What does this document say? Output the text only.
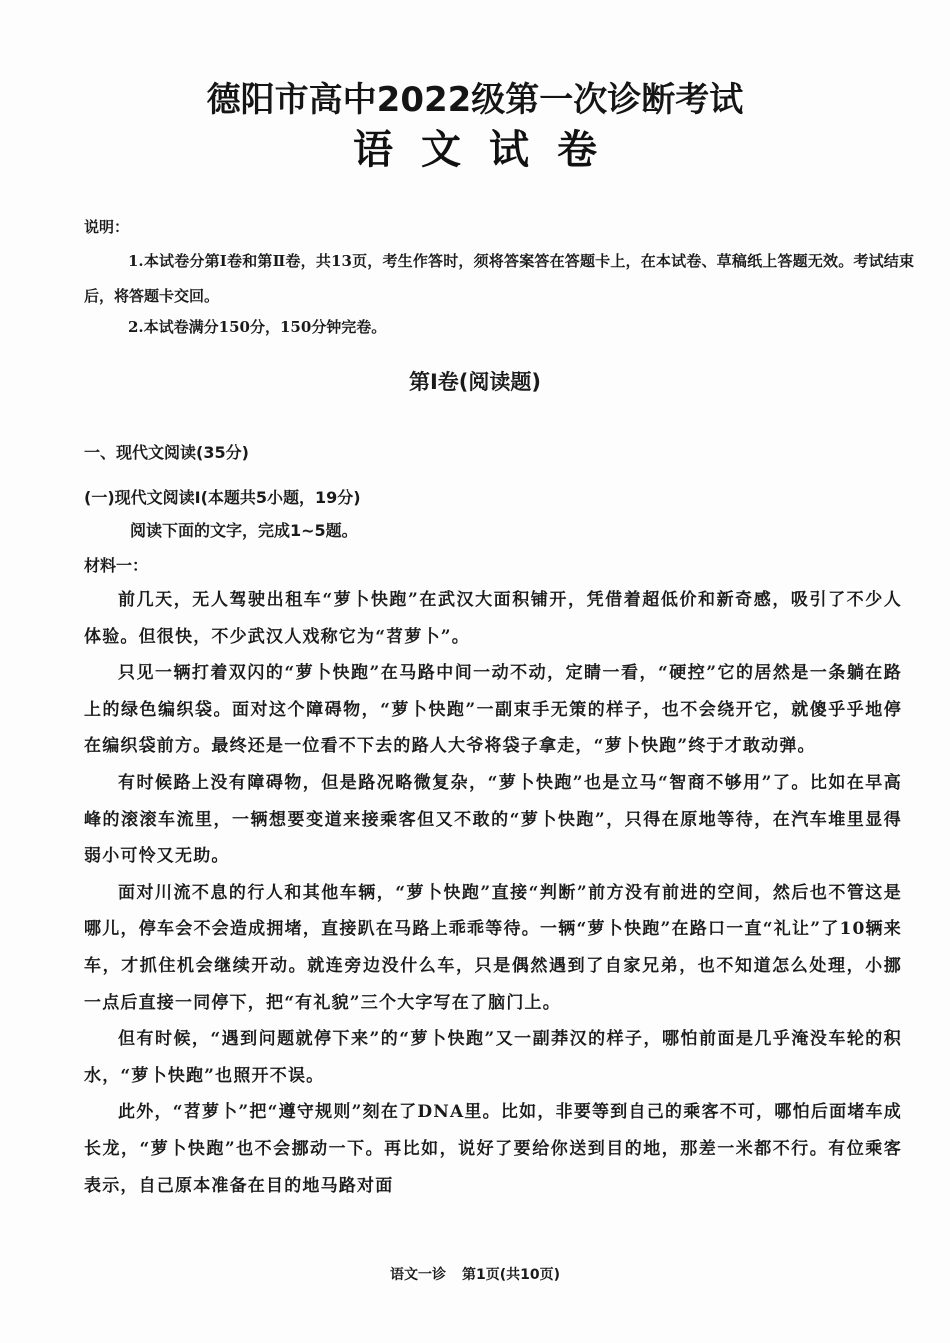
德阳市高中2022级第一次诊断考试
语文试卷
说明：
1.本试卷分第Ⅰ卷和第Ⅱ卷，共13页，考生作答时，须将答案答在答题卡上，在本试卷、草稿纸上答题无效。考试结束后，将答题卡交回。
2.本试卷满分150分，150分钟完卷。
第Ⅰ卷(阅读题)
一、现代文阅读(35分)
(一)现代文阅读Ⅰ(本题共5小题，19分)
阅读下面的文字，完成1~5题。
材料一：

前几天，无人驾驶出租车“萝卜快跑”在武汉大面积铺开，凭借着超低价和新奇感，吸引了不少人体验。但很快，不少武汉人戏称它为“苕萝卜”。

只见一辆打着双闪的“萝卜快跑”在马路中间一动不动，定睛一看，“硬控”它的居然是一条躺在路上的绿色编织袋。面对这个障碍物，“萝卜快跑”一副束手无策的样子，也不会绕开它，就傻乎乎地停在编织袋前方。最终还是一位看不下去的路人大爷将袋子拿走，“萝卜快跑”终于才敢动弹。

有时候路上没有障碍物，但是路况略微复杂，“萝卜快跑”也是立马“智商不够用”了。比如在早高峰的滚滚车流里，一辆想要变道来接乘客但又不敢的“萝卜快跑”，只得在原地等待，在汽车堆里显得弱小可怜又无助。

面对川流不息的行人和其他车辆，“萝卜快跑”直接“判断”前方没有前进的空间，然后也不管这是哪儿，停车会不会造成拥堵，直接趴在马路上乖乖等待。一辆“萝卜快跑”在路口一直“礼让”了10辆来车，才抓住机会继续开动。就连旁边没什么车，只是偶然遇到了自家兄弟，也不知道怎么处理，小挪一点后直接一同停下，把“有礼貌”三个大字写在了脑门上。

但有时候，“遇到问题就停下来”的“萝卜快跑”又一副莽汉的样子，哪怕前面是几乎淹没车轮的积水，“萝卜快跑”也照开不误。

此外，“苕萝卜”把“遵守规则”刻在了DNA里。比如，非要等到自己的乘客不可，哪怕后面堵车成长龙，“萝卜快跑”也不会挪动一下。再比如，说好了要给你送到目的地，那差一米都不行。有位乘客表示，自己原本准备在目的地马路对面

语文一诊 第1页(共10页)
